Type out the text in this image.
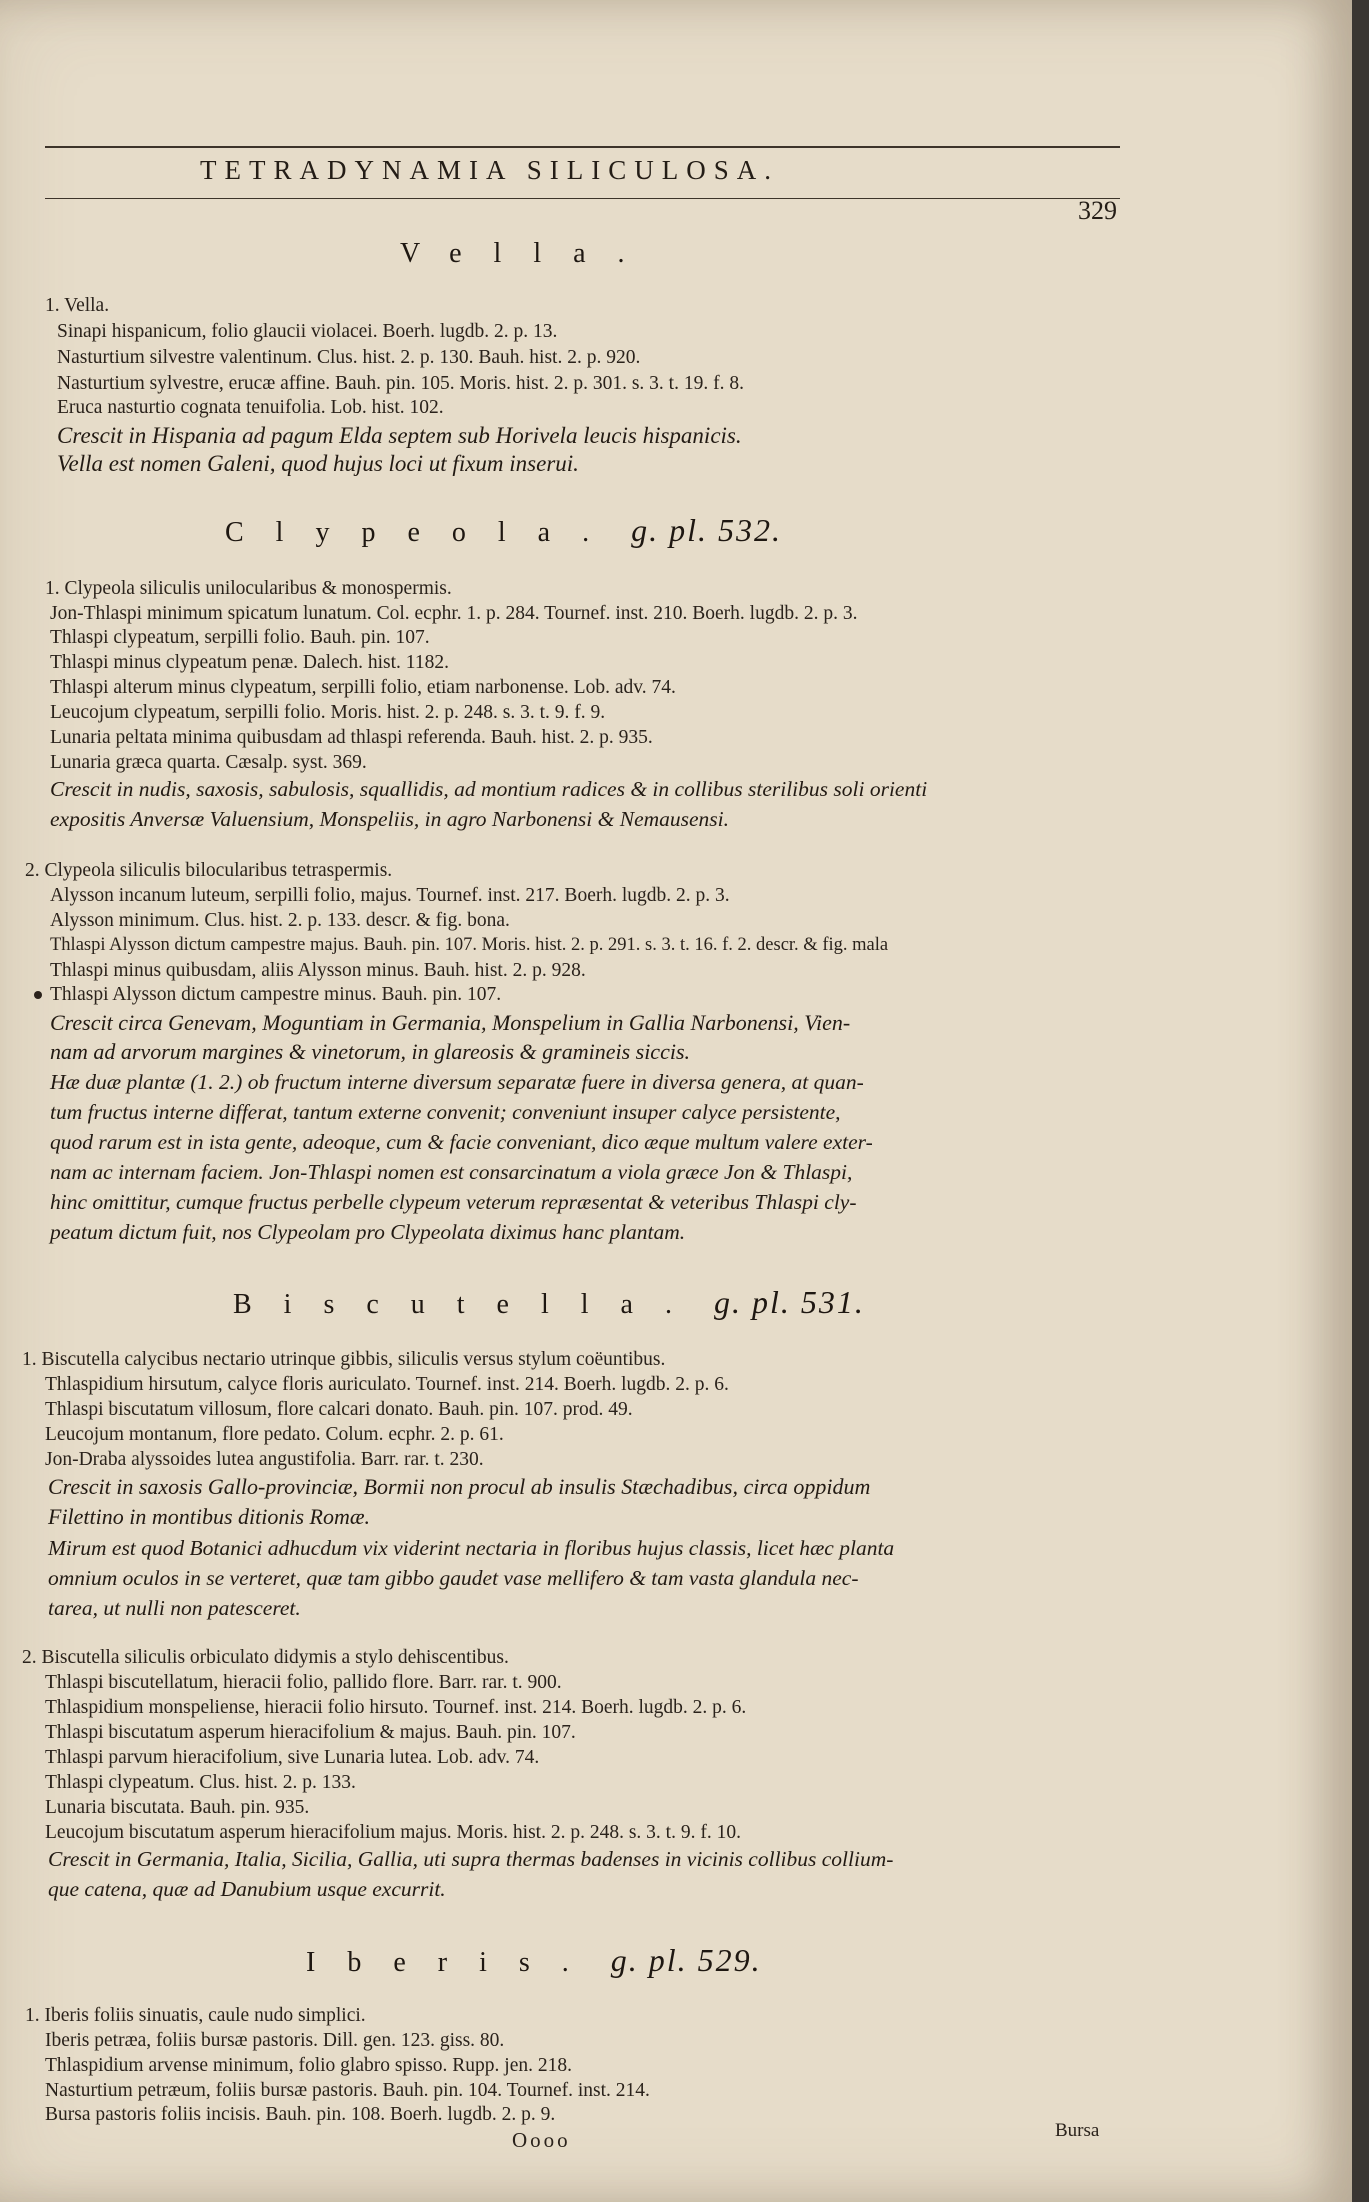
TETRADYNAMIA SILICULOSA.
329
Vella.
1. Vella.
Sinapi hispanicum, folio glaucii violacei. Boerh. lugdb. 2. p. 13.
Nasturtium silvestre valentinum. Clus. hist. 2. p. 130. Bauh. hist. 2. p. 920.
Nasturtium sylvestre, erucæ affine. Bauh. pin. 105. Moris. hist. 2. p. 301. s. 3. t. 19. f. 8.
Eruca nasturtio cognata tenuifolia. Lob. hist. 102.
Crescit in Hispania ad pagum Elda septem sub Horivela leucis hispanicis.
Vella est nomen Galeni, quod hujus loci ut fixum inserui.
Clypeola. g. pl. 532.
1. Clypeola siliculis unilocularibus & monospermis.
Jon-Thlaspi minimum spicatum lunatum. Col. ecphr. 1. p. 284. Tournef. inst. 210. Boerh. lugdb. 2. p. 3.
Thlaspi clypeatum, serpilli folio. Bauh. pin. 107.
Thlaspi minus clypeatum penæ. Dalech. hist. 1182.
Thlaspi alterum minus clypeatum, serpilli folio, etiam narbonense. Lob. adv. 74.
Leucojum clypeatum, serpilli folio. Moris. hist. 2. p. 248. s. 3. t. 9. f. 9.
Lunaria peltata minima quibusdam ad thlaspi referenda. Bauh. hist. 2. p. 935.
Lunaria græca quarta. Cæsalp. syst. 369.
Crescit in nudis, saxosis, sabulosis, squallidis, ad montium radices & in collibus sterilibus soli orienti
expositis Anversæ Valuensium, Monspeliis, in agro Narbonensi & Nemausensi.
2. Clypeola siliculis bilocularibus tetraspermis.
Alysson incanum luteum, serpilli folio, majus. Tournef. inst. 217. Boerh. lugdb. 2. p. 3.
Alysson minimum. Clus. hist. 2. p. 133. descr. & fig. bona.
Thlaspi Alysson dictum campestre majus. Bauh. pin. 107. Moris. hist. 2. p. 291. s. 3. t. 16. f. 2. descr. & fig. mala
Thlaspi minus quibusdam, aliis Alysson minus. Bauh. hist. 2. p. 928.
Thlaspi Alysson dictum campestre minus. Bauh. pin. 107.
Crescit circa Genevam, Moguntiam in Germania, Monspelium in Gallia Narbonensi, Vien-
nam ad arvorum margines & vinetorum, in glareosis & gramineis siccis.
Hæ duæ plantæ (1. 2.) ob fructum interne diversum separatæ fuere in diversa genera, at quan-
tum fructus interne differat, tantum externe convenit; conveniunt insuper calyce persistente,
quod rarum est in ista gente, adeoque, cum & facie conveniant, dico æque multum valere exter-
nam ac internam faciem. Jon-Thlaspi nomen est consarcinatum a viola græce Jon & Thlaspi,
hinc omittitur, cumque fructus perbelle clypeum veterum repræsentat & veteribus Thlaspi cly-
peatum dictum fuit, nos Clypeolam pro Clypeolata diximus hanc plantam.
Biscutella. g. pl. 531.
1. Biscutella calycibus nectario utrinque gibbis, siliculis versus stylum coëuntibus.
Thlaspidium hirsutum, calyce floris auriculato. Tournef. inst. 214. Boerh. lugdb. 2. p. 6.
Thlaspi biscutatum villosum, flore calcari donato. Bauh. pin. 107. prod. 49.
Leucojum montanum, flore pedato. Colum. ecphr. 2. p. 61.
Jon-Draba alyssoides lutea angustifolia. Barr. rar. t. 230.
Crescit in saxosis Gallo-provinciæ, Bormii non procul ab insulis Stæchadibus, circa oppidum
Filettino in montibus ditionis Romæ.
Mirum est quod Botanici adhucdum vix viderint nectaria in floribus hujus classis, licet hæc planta
omnium oculos in se verteret, quæ tam gibbo gaudet vase mellifero & tam vasta glandula nec-
tarea, ut nulli non patesceret.
2. Biscutella siliculis orbiculato didymis a stylo dehiscentibus.
Thlaspi biscutellatum, hieracii folio, pallido flore. Barr. rar. t. 900.
Thlaspidium monspeliense, hieracii folio hirsuto. Tournef. inst. 214. Boerh. lugdb. 2. p. 6.
Thlaspi biscutatum asperum hieracifolium & majus. Bauh. pin. 107.
Thlaspi parvum hieracifolium, sive Lunaria lutea. Lob. adv. 74.
Thlaspi clypeatum. Clus. hist. 2. p. 133.
Lunaria biscutata. Bauh. pin. 935.
Leucojum biscutatum asperum hieracifolium majus. Moris. hist. 2. p. 248. s. 3. t. 9. f. 10.
Crescit in Germania, Italia, Sicilia, Gallia, uti supra thermas badenses in vicinis collibus collium-
que catena, quæ ad Danubium usque excurrit.
Iberis. g. pl. 529.
1. Iberis foliis sinuatis, caule nudo simplici.
Iberis petræa, foliis bursæ pastoris. Dill. gen. 123. giss. 80.
Thlaspidium arvense minimum, folio glabro spisso. Rupp. jen. 218.
Nasturtium petræum, foliis bursæ pastoris. Bauh. pin. 104. Tournef. inst. 214.
Bursa pastoris foliis incisis. Bauh. pin. 108. Boerh. lugdb. 2. p. 9.
Oooo	Bursa
